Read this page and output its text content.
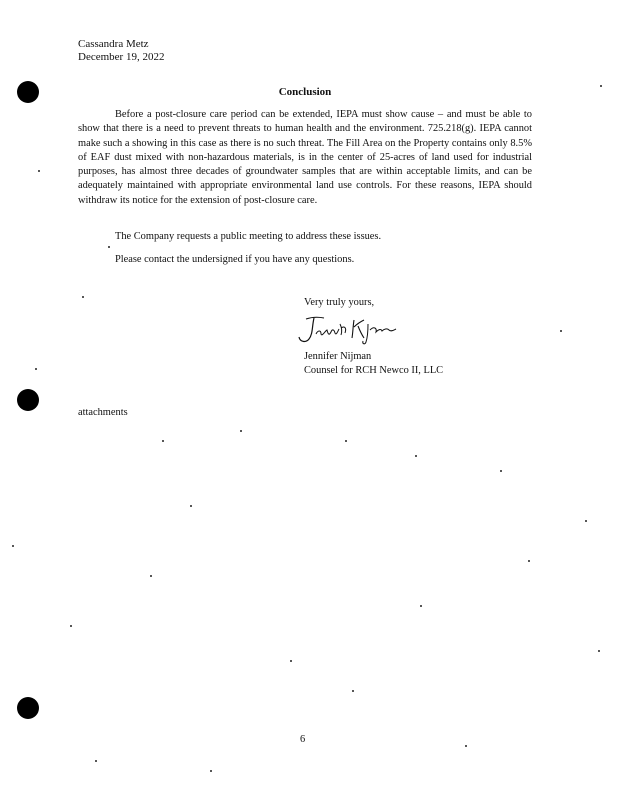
Cassandra Metz
December 19, 2022
Conclusion

Before a post-closure care period can be extended, IEPA must show cause – and must be able to show that there is a need to prevent threats to human health and the environment. 725.218(g). IEPA cannot make such a showing in this case as there is no such threat. The Fill Area on the Property contains only 8.5% of EAF dust mixed with non-hazardous materials, is in the center of 25-acres of land used for industrial purposes, has almost three decades of groundwater samples that are within acceptable limits, and can be adequately maintained with appropriate environmental land use controls. For these reasons, IEPA should withdraw its notice for the extension of post-closure care.

The Company requests a public meeting to address these issues.

Please contact the undersigned if you have any questions.

Very truly yours,
Jennifer Nijman
Counsel for RCH Newco II, LLC
attachments
6
